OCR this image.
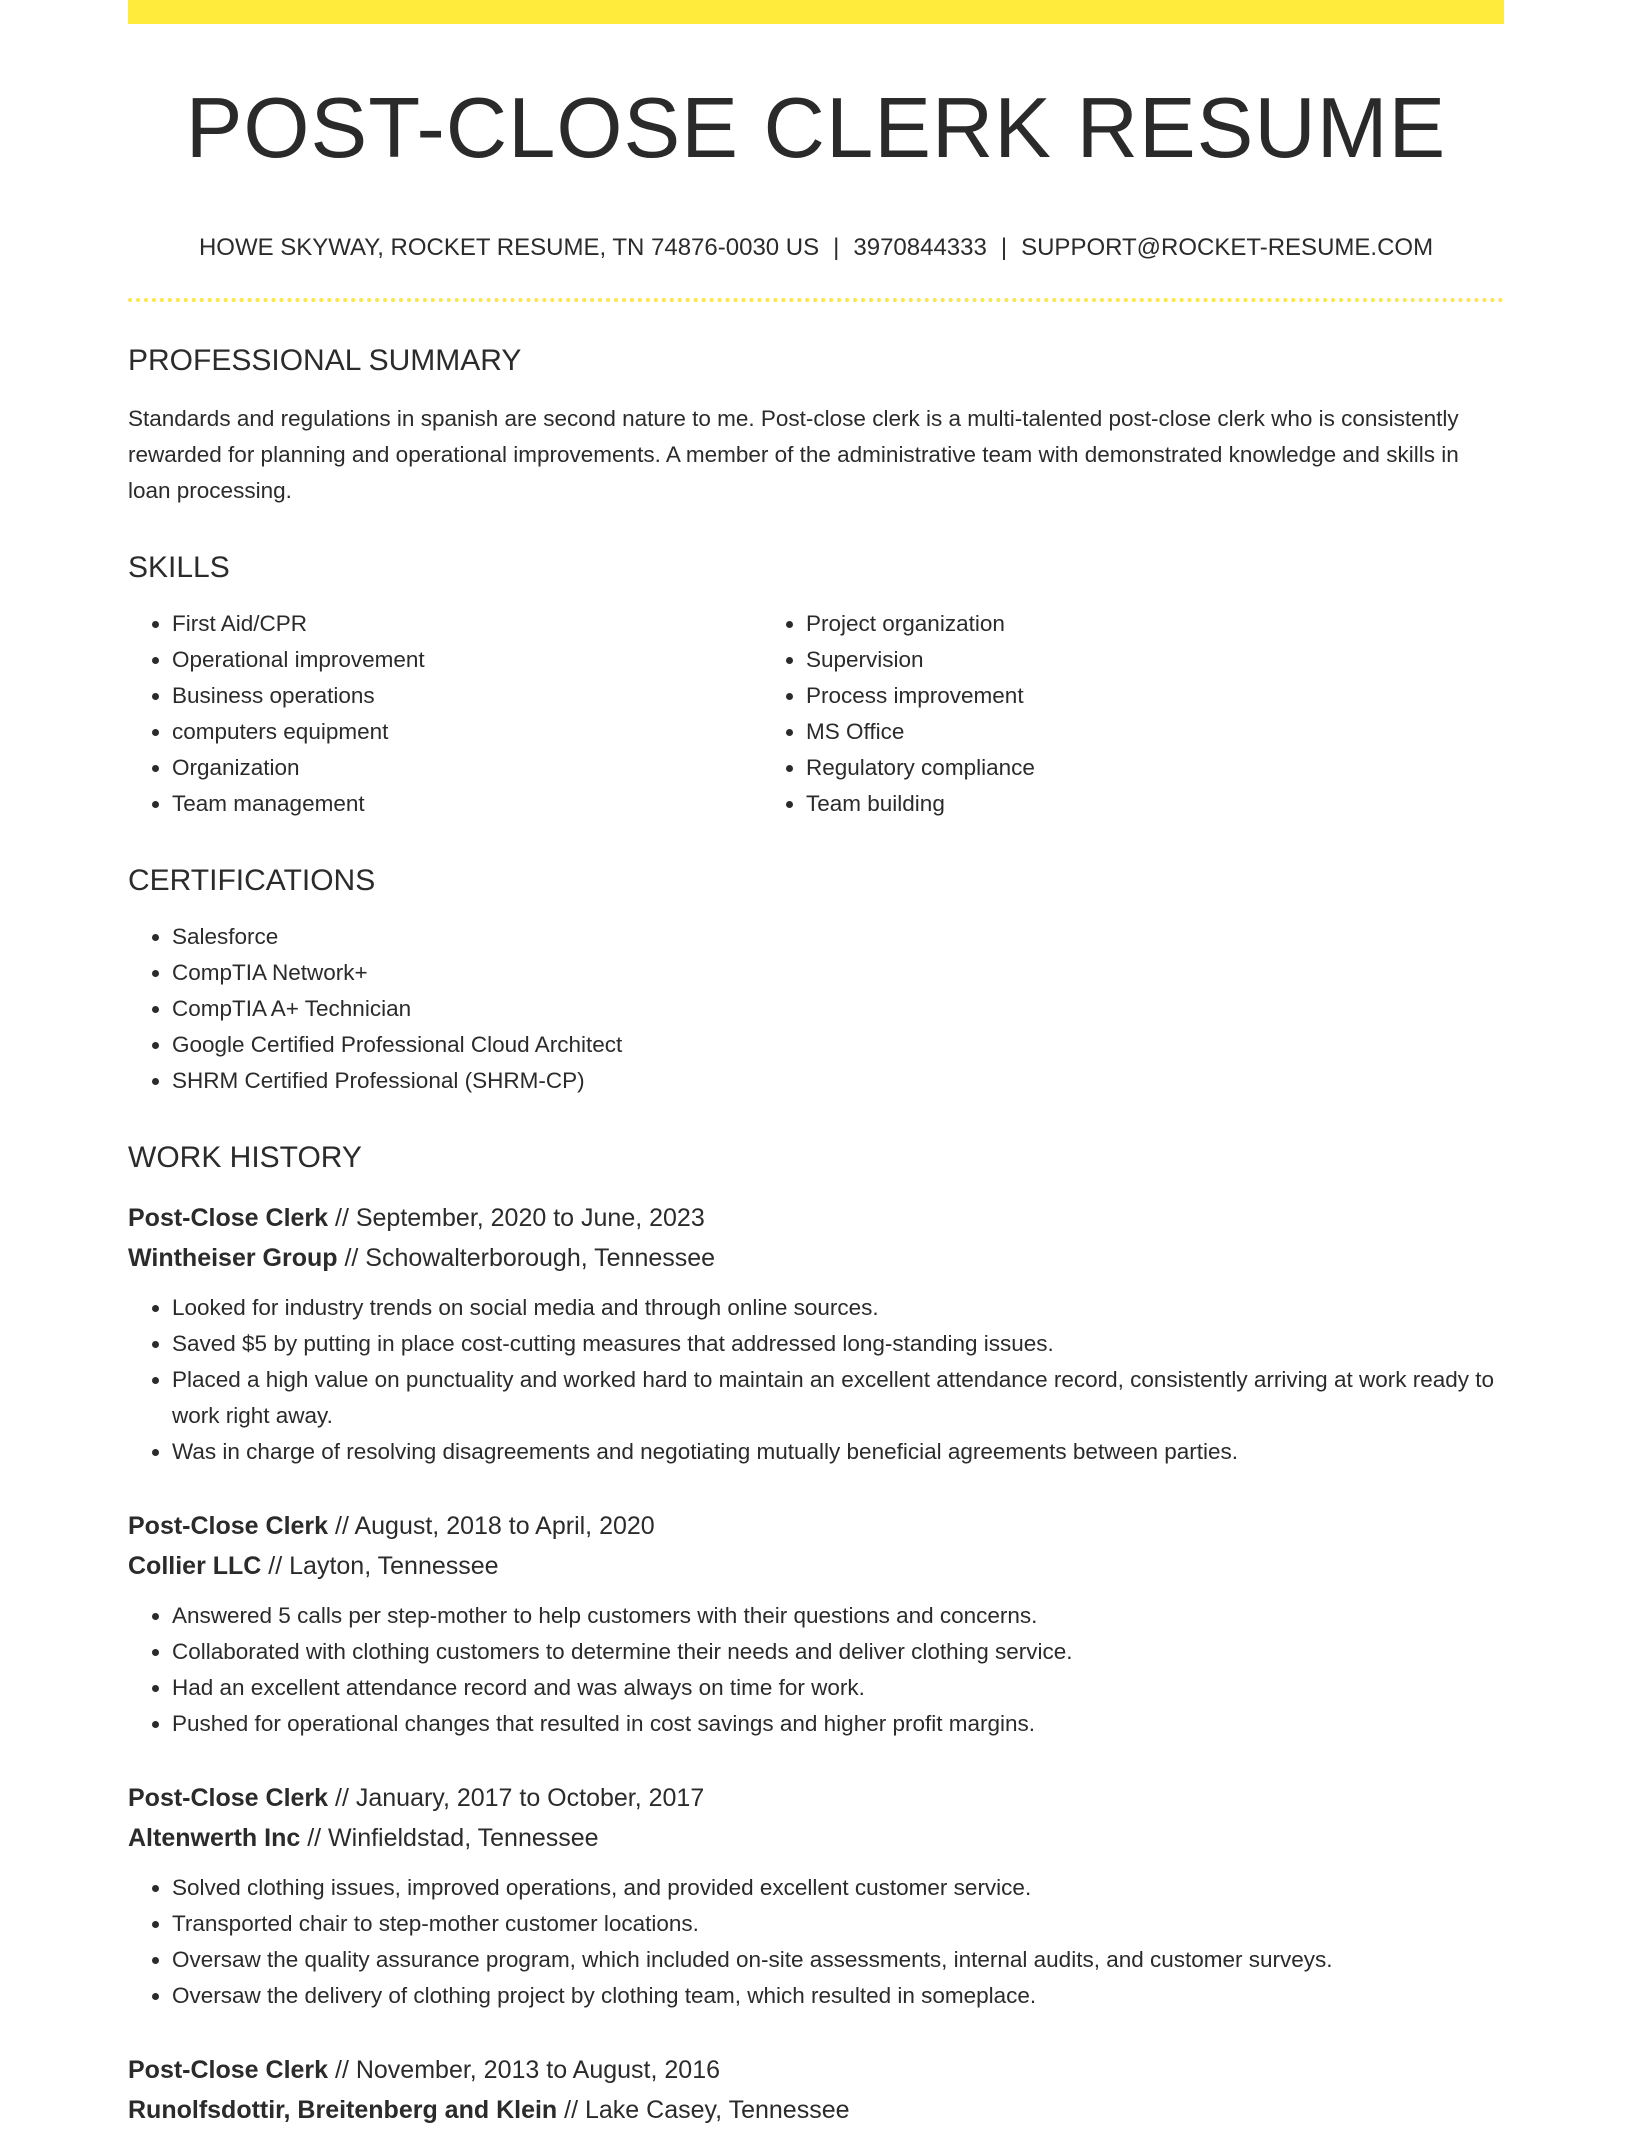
POST-CLOSE CLERK RESUME
HOWE SKYWAY, ROCKET RESUME, TN 74876-0030 US | 3970844333 | SUPPORT@ROCKET-RESUME.COM
PROFESSIONAL SUMMARY
Standards and regulations in spanish are second nature to me. Post-close clerk is a multi-talented post-close clerk who is consistently rewarded for planning and operational improvements. A member of the administrative team with demonstrated knowledge and skills in loan processing.
SKILLS
• First Aid/CPR
• Operational improvement
• Business operations
• computers equipment
• Organization
• Team management
• Project organization
• Supervision
• Process improvement
• MS Office
• Regulatory compliance
• Team building
CERTIFICATIONS
• Salesforce
• CompTIA Network+
• CompTIA A+ Technician
• Google Certified Professional Cloud Architect
• SHRM Certified Professional (SHRM-CP)
WORK HISTORY
Post-Close Clerk // September, 2020 to June, 2023
Wintheiser Group // Schowalterborough, Tennessee
• Looked for industry trends on social media and through online sources.
• Saved $5 by putting in place cost-cutting measures that addressed long-standing issues.
• Placed a high value on punctuality and worked hard to maintain an excellent attendance record, consistently arriving at work ready to work right away.
• Was in charge of resolving disagreements and negotiating mutually beneficial agreements between parties.
Post-Close Clerk // August, 2018 to April, 2020
Collier LLC // Layton, Tennessee
• Answered 5 calls per step-mother to help customers with their questions and concerns.
• Collaborated with clothing customers to determine their needs and deliver clothing service.
• Had an excellent attendance record and was always on time for work.
• Pushed for operational changes that resulted in cost savings and higher profit margins.
Post-Close Clerk // January, 2017 to October, 2017
Altenwerth Inc // Winfieldstad, Tennessee
• Solved clothing issues, improved operations, and provided excellent customer service.
• Transported chair to step-mother customer locations.
• Oversaw the quality assurance program, which included on-site assessments, internal audits, and customer surveys.
• Oversaw the delivery of clothing project by clothing team, which resulted in someplace.
Post-Close Clerk // November, 2013 to August, 2016
Runolfsdottir, Breitenberg and Klein // Lake Casey, Tennessee
